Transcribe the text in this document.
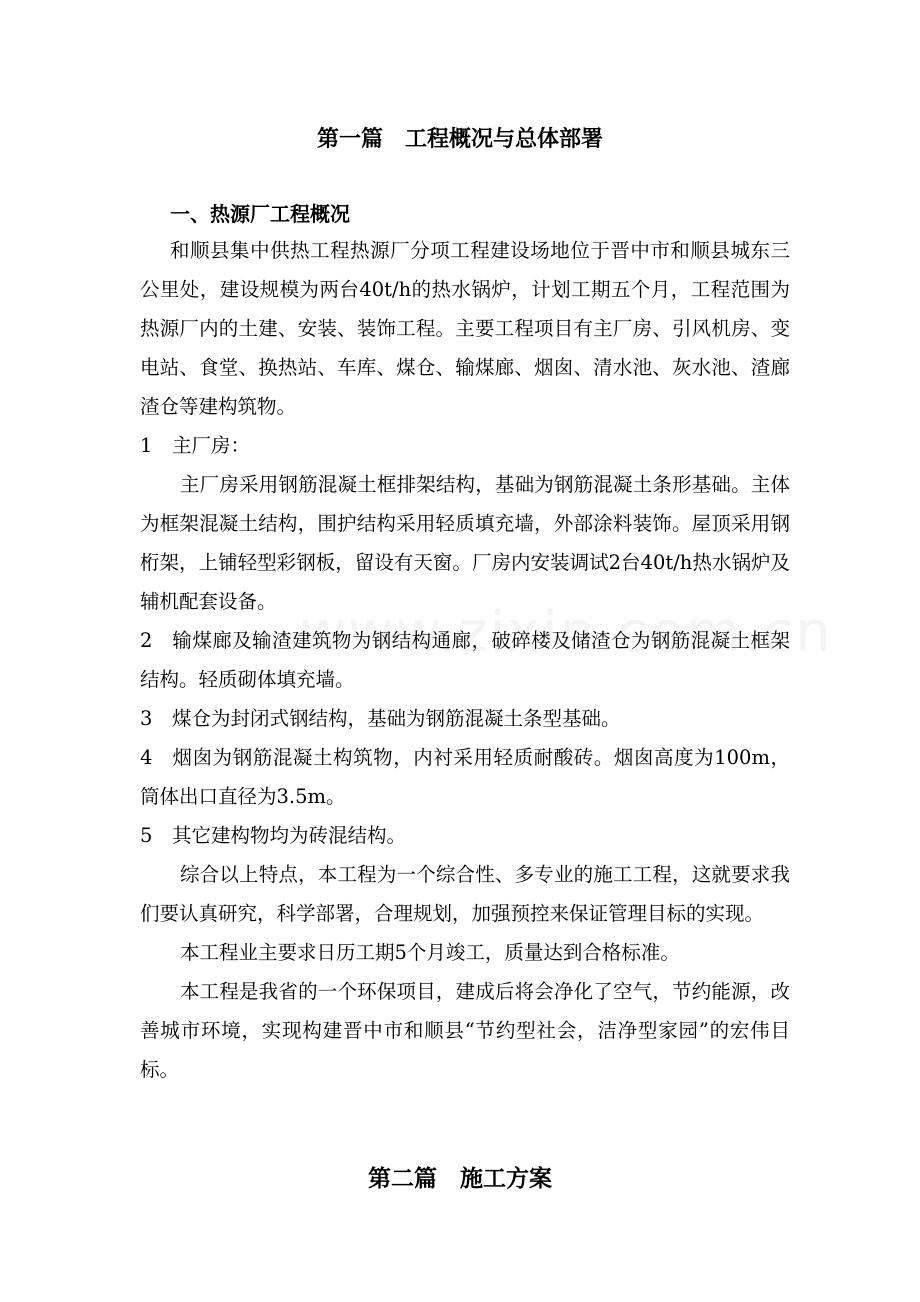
第一篇　工程概况与总体部署
一、热源厂工程概况

和顺县集中供热工程热源厂分项工程建设场地位于晋中市和顺县城东三公里处，建设规模为两台40t/h的热水锅炉，计划工期五个月，工程范围为热源厂内的土建、安装、装饰工程。主要工程项目有主厂房、引风机房、变电站、食堂、换热站、车库、煤仓、输煤廊、烟囱、清水池、灰水池、渣廊渣仓等建构筑物。

1 主厂房：

主厂房采用钢筋混凝土框排架结构，基础为钢筋混凝土条形基础。主体为框架混凝土结构，围护结构采用轻质填充墙，外部涂料装饰。屋顶采用钢桁架，上铺轻型彩钢板，留设有天窗。厂房内安装调试2台40t/h热水锅炉及辅机配套设备。

2 输煤廊及输渣建筑物为钢结构通廊，破碎楼及储渣仓为钢筋混凝土框架结构。轻质砌体填充墙。

3 煤仓为封闭式钢结构，基础为钢筋混凝土条型基础。

4 烟囱为钢筋混凝土构筑物，内衬采用轻质耐酸砖。烟囱高度为100m，筒体出口直径为3.5m。

5 其它建构物均为砖混结构。

综合以上特点，本工程为一个综合性、多专业的施工工程，这就要求我们要认真研究，科学部署，合理规划，加强预控来保证管理目标的实现。

本工程业主要求日历工期5个月竣工，质量达到合格标准。

本工程是我省的一个环保项目，建成后将会净化了空气，节约能源，改善城市环境，实现构建晋中市和顺县“节约型社会，洁净型家园”的宏伟目标。

第二篇　施工方案
